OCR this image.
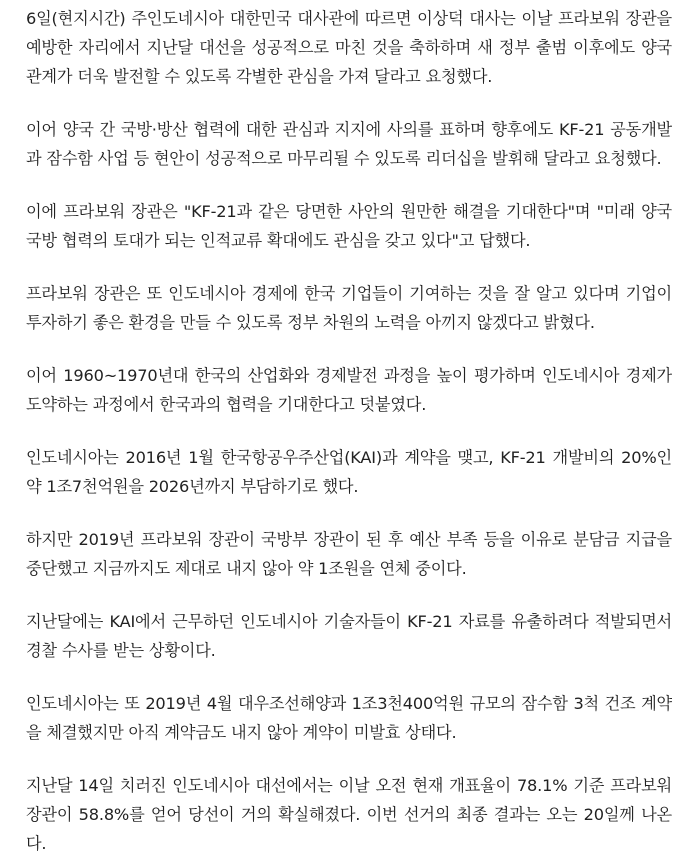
6일(현지시간) 주인도네시아 대한민국 대사관에 따르면 이상덕 대사는 이날 프라보워 장관을 예방한 자리에서 지난달 대선을 성공적으로 마친 것을 축하하며 새 정부 출범 이후에도 양국 관계가 더욱 발전할 수 있도록 각별한 관심을 가져 달라고 요청했다.

이어 양국 간 국방·방산 협력에 대한 관심과 지지에 사의를 표하며 향후에도 KF-21 공동개발과 잠수함 사업 등 현안이 성공적으로 마무리될 수 있도록 리더십을 발휘해 달라고 요청했다.

이에 프라보워 장관은 "KF-21과 같은 당면한 사안의 원만한 해결을 기대한다"며 "미래 양국 국방 협력의 토대가 되는 인적교류 확대에도 관심을 갖고 있다"고 답했다.

프라보워 장관은 또 인도네시아 경제에 한국 기업들이 기여하는 것을 잘 알고 있다며 기업이 투자하기 좋은 환경을 만들 수 있도록 정부 차원의 노력을 아끼지 않겠다고 밝혔다.

이어 1960~1970년대 한국의 산업화와 경제발전 과정을 높이 평가하며 인도네시아 경제가 도약하는 과정에서 한국과의 협력을 기대한다고 덧붙였다.

인도네시아는 2016년 1월 한국항공우주산업(KAI)과 계약을 맺고, KF-21 개발비의 20%인 약 1조7천억원을 2026년까지 부담하기로 했다.

하지만 2019년 프라보워 장관이 국방부 장관이 된 후 예산 부족 등을 이유로 분담금 지급을 중단했고 지금까지도 제대로 내지 않아 약 1조원을 연체 중이다.

지난달에는 KAI에서 근무하던 인도네시아 기술자들이 KF-21 자료를 유출하려다 적발되면서 경찰 수사를 받는 상황이다.

인도네시아는 또 2019년 4월 대우조선해양과 1조3천400억원 규모의 잠수함 3척 건조 계약을 체결했지만 아직 계약금도 내지 않아 계약이 미발효 상태다.

지난달 14일 치러진 인도네시아 대선에서는 이날 오전 현재 개표율이 78.1% 기준 프라보워 장관이 58.8%를 얻어 당선이 거의 확실해졌다. 이번 선거의 최종 결과는 오는 20일께 나온다.
